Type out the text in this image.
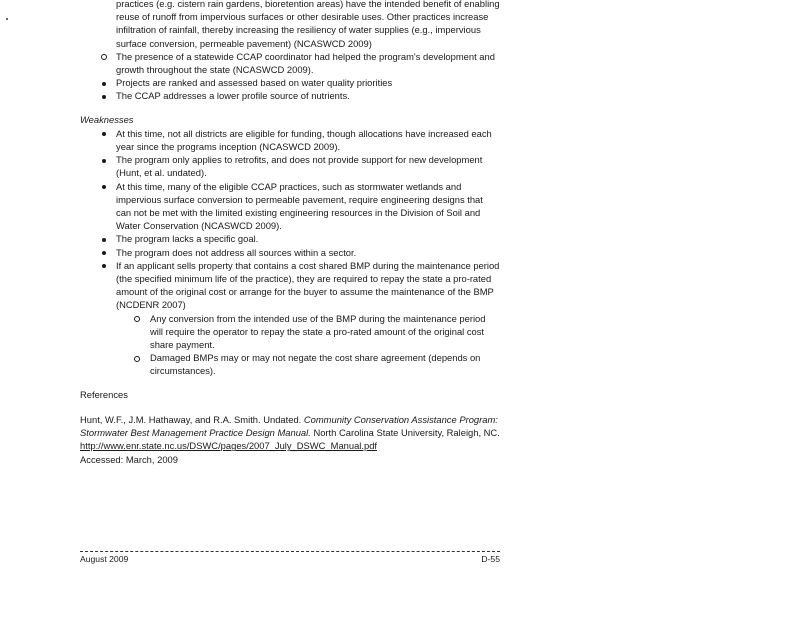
practices (e.g. cistern rain gardens, bioretention areas) have the intended benefit of enabling reuse of runoff from impervious surfaces or other desirable uses. Other practices increase infiltration of rainfall, thereby increasing the resiliency of water supplies (e.g., impervious surface conversion, permeable pavement) (NCASWCD 2009)
The presence of a statewide CCAP coordinator had helped the program's development and growth throughout the state (NCASWCD 2009).
Projects are ranked and assessed based on water quality priorities
The CCAP addresses a lower profile source of nutrients.

Weaknesses

At this time, not all districts are eligible for funding, though allocations have increased each year since the programs inception (NCASWCD 2009).
The program only applies to retrofits, and does not provide support for new development (Hunt, et al. undated).
At this time, many of the eligible CCAP practices, such as stormwater wetlands and impervious surface conversion to permeable pavement, require engineering designs that can not be met with the limited existing engineering resources in the Division of Soil and Water Conservation (NCASWCD 2009).
The program lacks a specific goal.
The program does not address all sources within a sector.
If an applicant sells property that contains a cost shared BMP during the maintenance period (the specified minimum life of the practice), they are required to repay the state a pro-rated amount of the original cost or arrange for the buyer to assume the maintenance of the BMP (NCDENR 2007)
Any conversion from the intended use of the BMP during the maintenance period will require the operator to repay the state a pro-rated amount of the original cost share payment.
Damaged BMPs may or may not negate the cost share agreement (depends on circumstances).

References

Hunt, W.F., J.M. Hathaway, and R.A. Smith. Undated. Community Conservation Assistance Program: Stormwater Best Management Practice Design Manual. North Carolina State University, Raleigh, NC. http://www.enr.state.nc.us/DSWC/pages/2007_July_DSWC_Manual.pdf
Accessed: March, 2009

August 2009	D-55
